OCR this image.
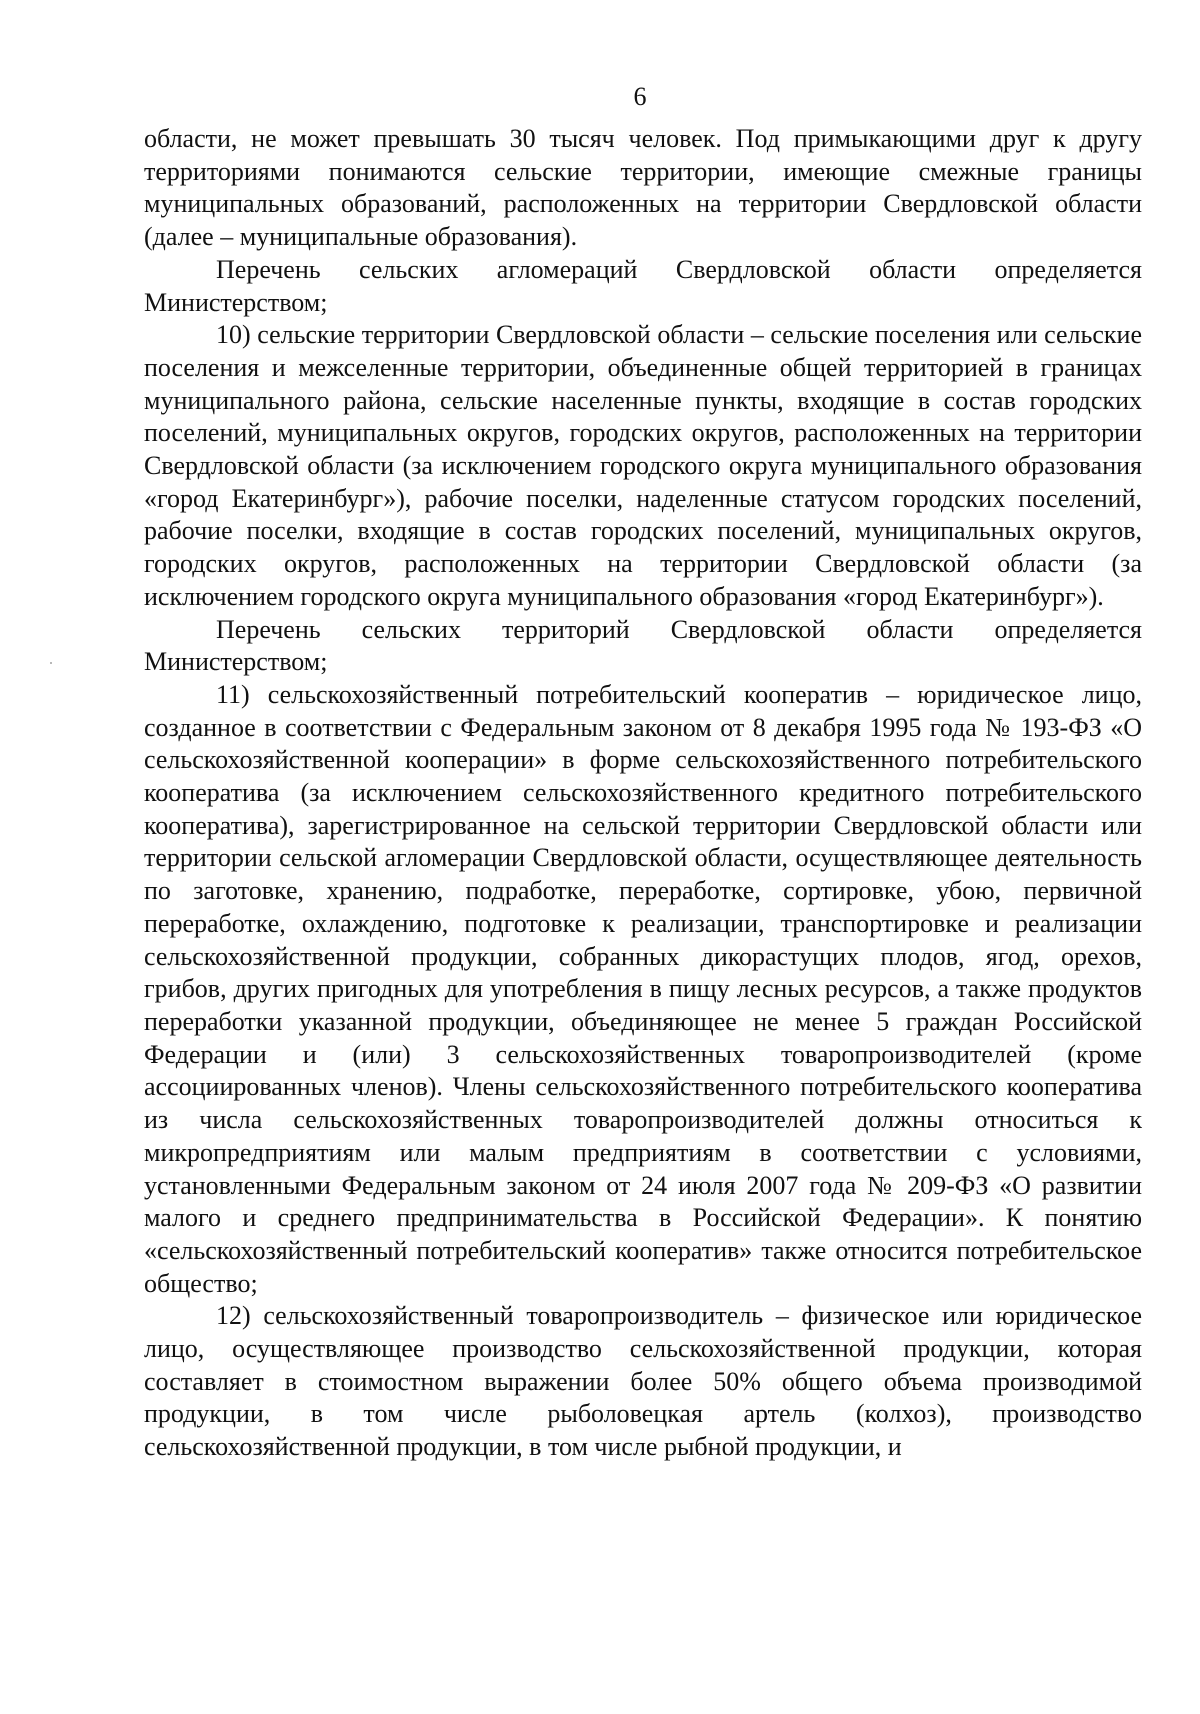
6

области, не может превышать 30 тысяч человек. Под примыкающими друг к другу территориями понимаются сельские территории, имеющие смежные границы муниципальных образований, расположенных на территории Свердловской области (далее – муниципальные образования).

Перечень сельских агломераций Свердловской области определяется Министерством;

10) сельские территории Свердловской области – сельские поселения или сельские поселения и межселенные территории, объединенные общей территорией в границах муниципального района, сельские населенные пункты, входящие в состав городских поселений, муниципальных округов, городских округов, расположенных на территории Свердловской области (за исключением городского округа муниципального образования «город Екатеринбург»), рабочие поселки, наделенные статусом городских поселений, рабочие поселки, входящие в состав городских поселений, муниципальных округов, городских округов, расположенных на территории Свердловской области (за исключением городского округа муниципального образования «город Екатеринбург»).

Перечень сельских территорий Свердловской области определяется Министерством;

11) сельскохозяйственный потребительский кооператив – юридическое лицо, созданное в соответствии с Федеральным законом от 8 декабря 1995 года № 193-ФЗ «О сельскохозяйственной кооперации» в форме сельскохозяйственного потребительского кооператива (за исключением сельскохозяйственного кредитного потребительского кооператива), зарегистрированное на сельской территории Свердловской области или территории сельской агломерации Свердловской области, осуществляющее деятельность по заготовке, хранению, подработке, переработке, сортировке, убою, первичной переработке, охлаждению, подготовке к реализации, транспортировке и реализации сельскохозяйственной продукции, собранных дикорастущих плодов, ягод, орехов, грибов, других пригодных для употребления в пищу лесных ресурсов, а также продуктов переработки указанной продукции, объединяющее не менее 5 граждан Российской Федерации и (или) 3 сельскохозяйственных товаропроизводителей (кроме ассоциированных членов). Члены сельскохозяйственного потребительского кооператива из числа сельскохозяйственных товаропроизводителей должны относиться к микропредприятиям или малым предприятиям в соответствии с условиями, установленными Федеральным законом от 24 июля 2007 года № 209-ФЗ «О развитии малого и среднего предпринимательства в Российской Федерации». К понятию «сельскохозяйственный потребительский кооператив» также относится потребительское общество;

12) сельскохозяйственный товаропроизводитель – физическое или юридическое лицо, осуществляющее производство сельскохозяйственной продукции, которая составляет в стоимостном выражении более 50% общего объема производимой продукции, в том числе рыболовецкая артель (колхоз), производство сельскохозяйственной продукции, в том числе рыбной продукции, и
